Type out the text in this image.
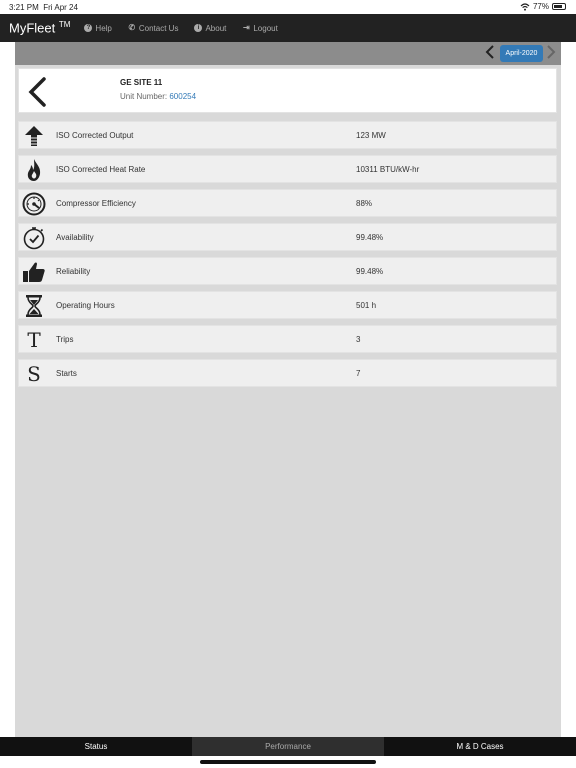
3:21 PM Fri Apr 24	77%
MyFleet ™	? Help ✆ Contact Us	i About ⇥ Logout
April-2020
GE SITE 11
Unit Number: 600254
ISO Corrected Output	123 MW
ISO Corrected Heat Rate	10311 BTU/kW-hr
Compressor Efficiency	88%
Availability	99.48%
Reliability	99.48%
Operating Hours	501 h
T	Trips	3
S	Starts	7
Status	Performance	M & D Cases
